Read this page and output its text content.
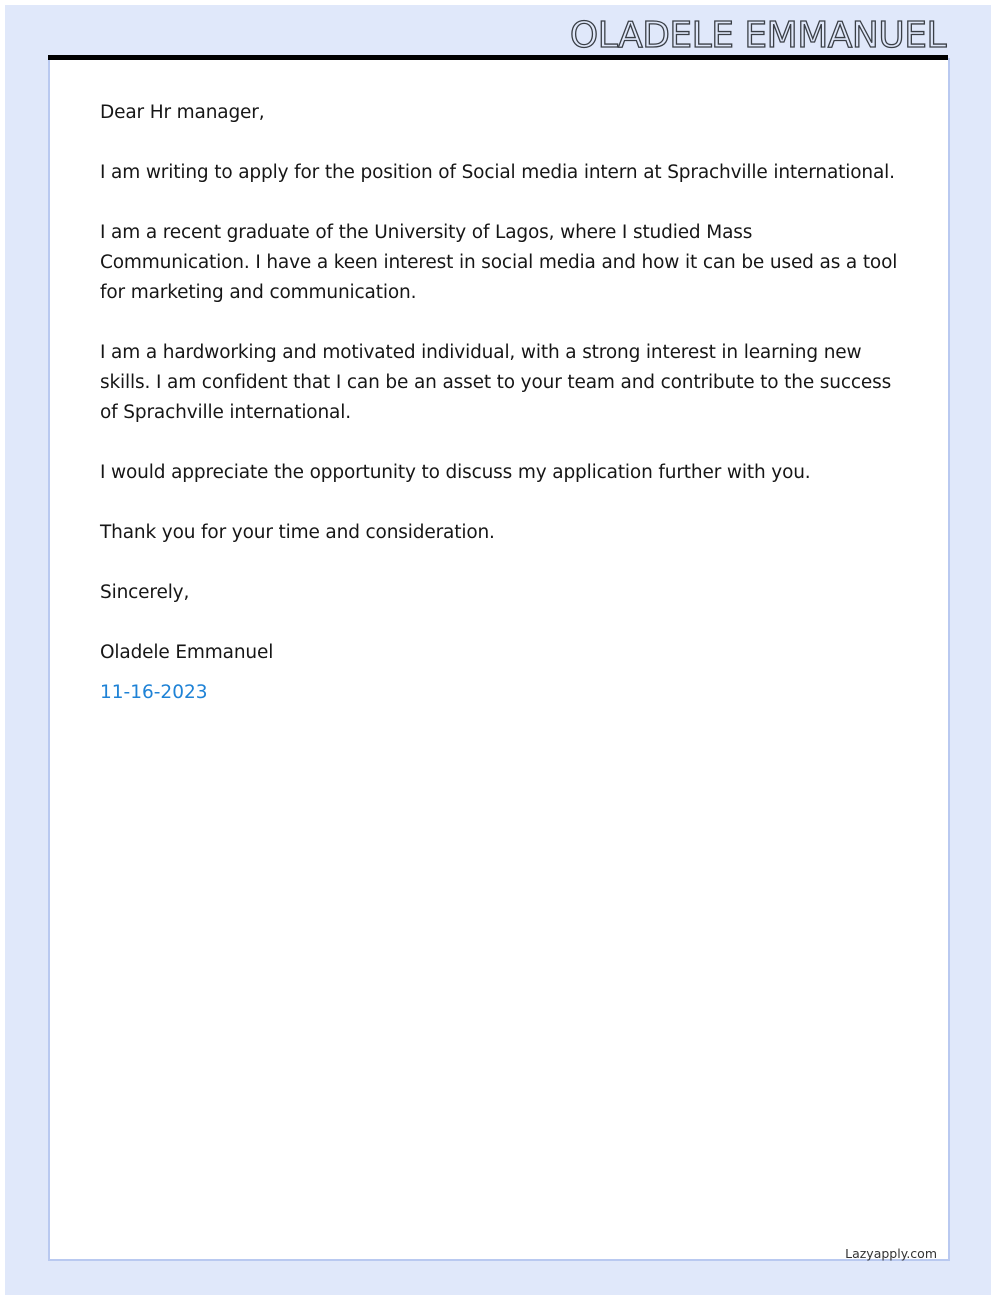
OLADELE EMMANUEL

Dear Hr manager,

I am writing to apply for the position of Social media intern at Sprachville international.

I am a recent graduate of the University of Lagos, where I studied Mass Communication. I have a keen interest in social media and how it can be used as a tool for marketing and communication.

I am a hardworking and motivated individual, with a strong interest in learning new skills. I am confident that I can be an asset to your team and contribute to the success of Sprachville international.

I would appreciate the opportunity to discuss my application further with you.

Thank you for your time and consideration.

Sincerely,

Oladele Emmanuel

11-16-2023
Lazyapply.com
